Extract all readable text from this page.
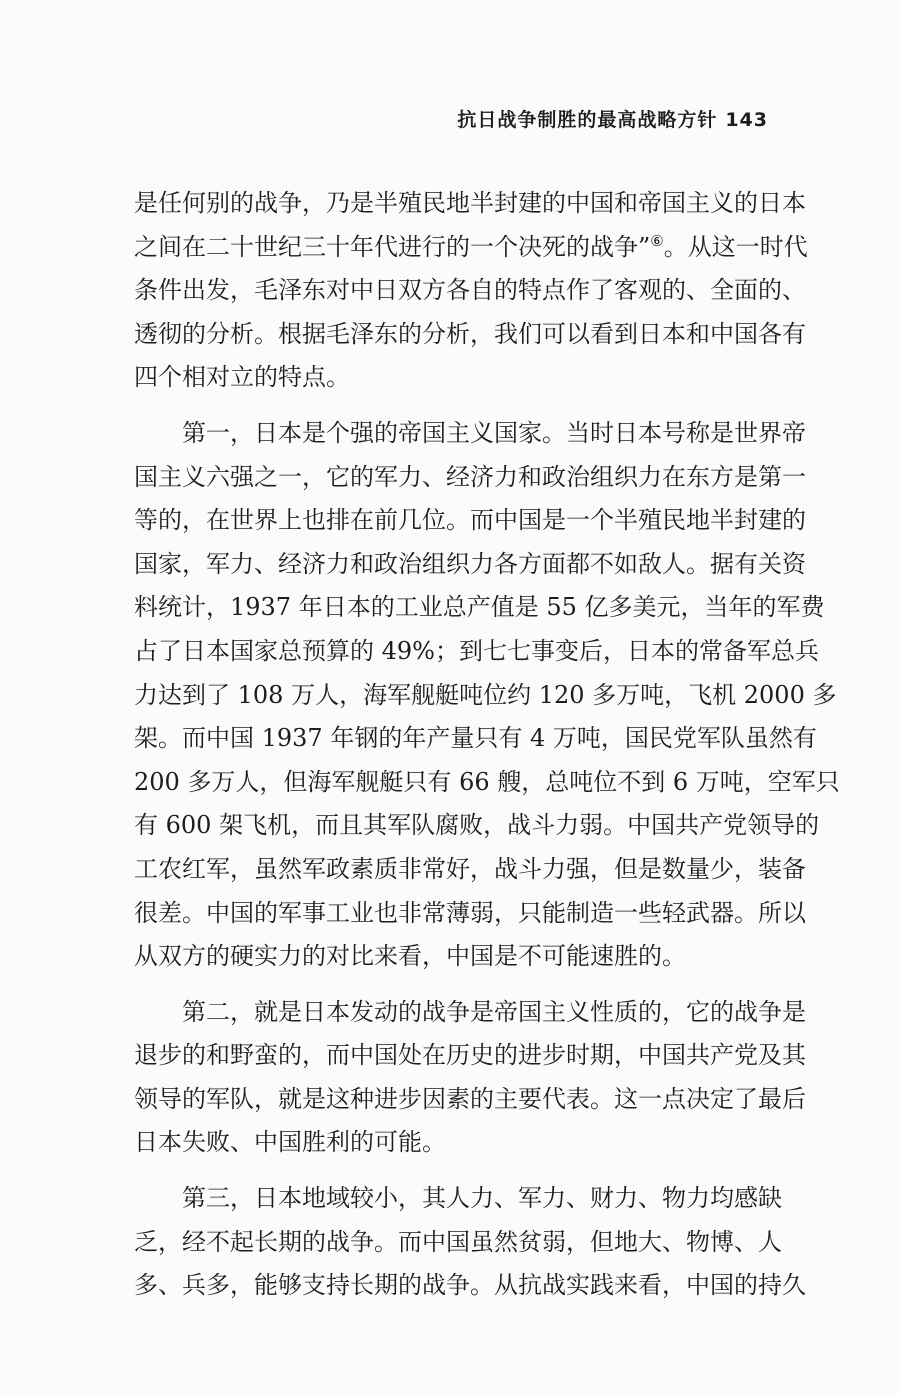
抗日战争制胜的最高战略方针 143
是任何别的战争，乃是半殖民地半封建的中国和帝国主义的日本
之间在二十世纪三十年代进行的一个决死的战争”⑥。从这一时代
条件出发，毛泽东对中日双方各自的特点作了客观的、全面的、
透彻的分析。根据毛泽东的分析，我们可以看到日本和中国各有
四个相对立的特点。
第一，日本是个强的帝国主义国家。当时日本号称是世界帝
国主义六强之一，它的军力、经济力和政治组织力在东方是第一
等的，在世界上也排在前几位。而中国是一个半殖民地半封建的
国家，军力、经济力和政治组织力各方面都不如敌人。据有关资
料统计，1937 年日本的工业总产值是 55 亿多美元，当年的军费
占了日本国家总预算的 49%；到七七事变后，日本的常备军总兵
力达到了 108 万人，海军舰艇吨位约 120 多万吨，飞机 2000 多
架。而中国 1937 年钢的年产量只有 4 万吨，国民党军队虽然有
200 多万人，但海军舰艇只有 66 艘，总吨位不到 6 万吨，空军只
有 600 架飞机，而且其军队腐败，战斗力弱。中国共产党领导的
工农红军，虽然军政素质非常好，战斗力强，但是数量少，装备
很差。中国的军事工业也非常薄弱，只能制造一些轻武器。所以
从双方的硬实力的对比来看，中国是不可能速胜的。
第二，就是日本发动的战争是帝国主义性质的，它的战争是
退步的和野蛮的，而中国处在历史的进步时期，中国共产党及其
领导的军队，就是这种进步因素的主要代表。这一点决定了最后
日本失败、中国胜利的可能。
第三，日本地域较小，其人力、军力、财力、物力均感缺
乏，经不起长期的战争。而中国虽然贫弱，但地大、物博、人
多、兵多，能够支持长期的战争。从抗战实践来看，中国的持久
